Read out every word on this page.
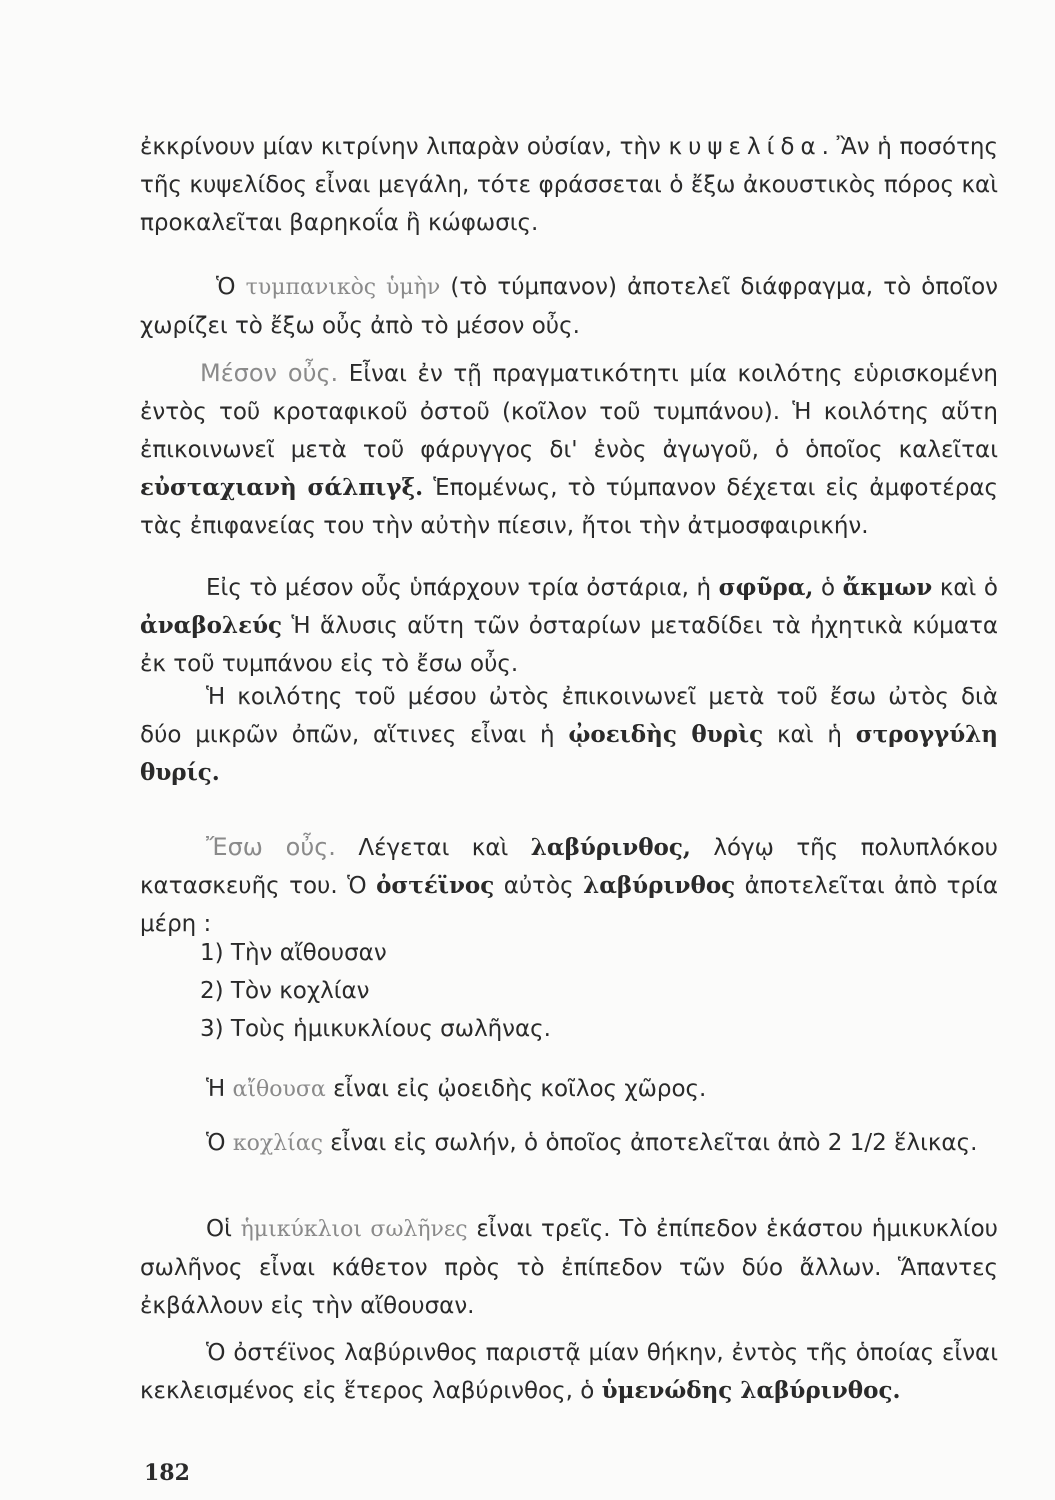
ἐκκρίνουν μίαν κιτρίνην λιπαρὰν οὐσίαν, τὴν κυψελίδα. Ἂν ἡ ποσότης τῆς κυψελίδος εἶναι μεγάλη, τότε φράσσεται ὁ ἔξω ἀκουστικὸς πόρος καὶ προκαλεῖται βαρηκοΐα ἢ κώφωσις.

Ὁ τυμπανικὸς ὑμὴν (τὸ τύμπανον) ἀποτελεῖ διάφραγμα, τὸ ὁποῖον χωρίζει τὸ ἔξω οὖς ἀπὸ τὸ μέσον οὖς.

Μέσον οὖς. Εἶναι ἐν τῇ πραγματικότητι μία κοιλότης εὑρισκομένη ἐντὸς τοῦ κροταφικοῦ ὀστοῦ (κοῖλον τοῦ τυμπάνου). Ἡ κοιλότης αὕτη ἐπικοινωνεῖ μετὰ τοῦ φάρυγγος δι' ἑνὸς ἀγωγοῦ, ὁ ὁποῖος καλεῖται εὐσταχιανὴ σάλπιγξ. Ἑπομένως, τὸ τύμπανον δέχεται εἰς ἀμφοτέρας τὰς ἐπιφανείας του τὴν αὐτὴν πίεσιν, ἤτοι τὴν ἀτμοσφαιρικήν.

Εἰς τὸ μέσον οὖς ὑπάρχουν τρία ὀστάρια, ἡ σφῦρα, ὁ ἄκμων καὶ ὁ ἀναβολεύς Ἡ ἅλυσις αὕτη τῶν ὀσταρίων μεταδίδει τὰ ἠχητικὰ κύματα ἐκ τοῦ τυμπάνου εἰς τὸ ἔσω οὖς.

Ἡ κοιλότης τοῦ μέσου ὠτὸς ἐπικοινωνεῖ μετὰ τοῦ ἔσω ὠτὸς διὰ δύο μικρῶν ὀπῶν, αἵτινες εἶναι ἡ ᾠοειδὴς θυρὶς καὶ ἡ στρογγύλη θυρίς.

Ἔσω οὖς. Λέγεται καὶ λαβύρινθος, λόγῳ τῆς πολυπλόκου κατασκευῆς του. Ὁ ὀστέϊνος αὐτὸς λαβύρινθος ἀποτελεῖται ἀπὸ τρία μέρη :

1) Τὴν αἴθουσαν
2) Τὸν κοχλίαν
3) Τοὺς ἡμικυκλίους σωλῆνας.

Ἡ αἴθουσα εἶναι εἰς ᾠοειδὴς κοῖλος χῶρος.

Ὁ κοχλίας εἶναι εἰς σωλήν, ὁ ὁποῖος ἀποτελεῖται ἀπὸ 2 1/2 ἕλικας.

Οἱ ἡμικύκλιοι σωλῆνες εἶναι τρεῖς. Τὸ ἐπίπεδον ἑκάστου ἡμικυκλίου σωλῆνος εἶναι κάθετον πρὸς τὸ ἐπίπεδον τῶν δύο ἄλλων. Ἅπαντες ἐκβάλλουν εἰς τὴν αἴθουσαν.

Ὁ ὀστέϊνος λαβύρινθος παριστᾷ μίαν θήκην, ἐντὸς τῆς ὁποίας εἶναι κεκλεισμένος εἰς ἕτερος λαβύρινθος, ὁ ὑμενώδης λαβύρινθος.

182
